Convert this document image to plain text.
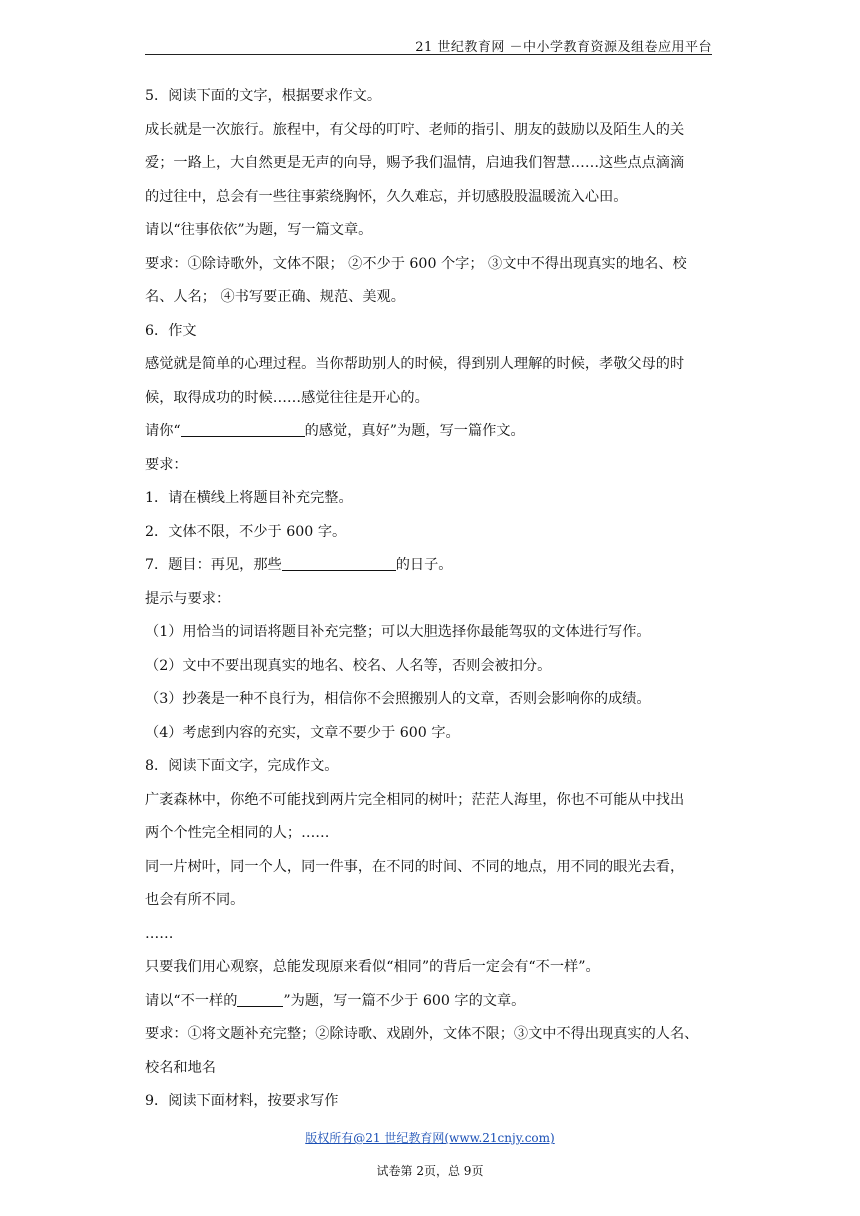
21 世纪教育网 －中小学教育资源及组卷应用平台
5．阅读下面的文字，根据要求作文。
成长就是一次旅行。旅程中，有父母的叮咛、老师的指引、朋友的鼓励以及陌生人的关
爱；一路上，大自然更是无声的向导，赐予我们温情，启迪我们智慧……这些点点滴滴
的过往中，总会有一些往事萦绕胸怀，久久难忘，并切感股股温暖流入心田。
请以“往事依依”为题，写一篇文章。
要求：①除诗歌外，文体不限； ②不少于 600 个字； ③文中不得出现真实的地名、校
名、人名； ④书写要正确、规范、美观。
6．作文
感觉就是简单的心理过程。当你帮助别人的时候，得到别人理解的时候，孝敬父母的时
候，取得成功的时候……感觉往往是开心的。
请你“	的感觉，真好”为题，写一篇作文。
要求：
1．请在横线上将题目补充完整。
2．文体不限，不少于 600 字。
7．题目：再见，那些	的日子。
提示与要求：
（1）用恰当的词语将题目补充完整；可以大胆选择你最能驾驭的文体进行写作。
（2）文中不要出现真实的地名、校名、人名等，否则会被扣分。
（3）抄袭是一种不良行为，相信你不会照搬别人的文章，否则会影响你的成绩。
（4）考虑到内容的充实，文章不要少于 600 字。
8．阅读下面文字，完成作文。
广袤森林中，你绝不可能找到两片完全相同的树叶；茫茫人海里，你也不可能从中找出
两个个性完全相同的人；……
同一片树叶，同一个人，同一件事，在不同的时间、不同的地点，用不同的眼光去看，
也会有所不同。
……
只要我们用心观察，总能发现原来看似“相同”的背后一定会有“不一样”。
请以“不一样的	”为题，写一篇不少于 600 字的文章。
要求：①将文题补充完整；②除诗歌、戏剧外，文体不限；③文中不得出现真实的人名、
校名和地名
9．阅读下面材料，按要求写作
版权所有@21 世纪教育网(www.21cnjy.com)
试卷第 2页，总 9页
